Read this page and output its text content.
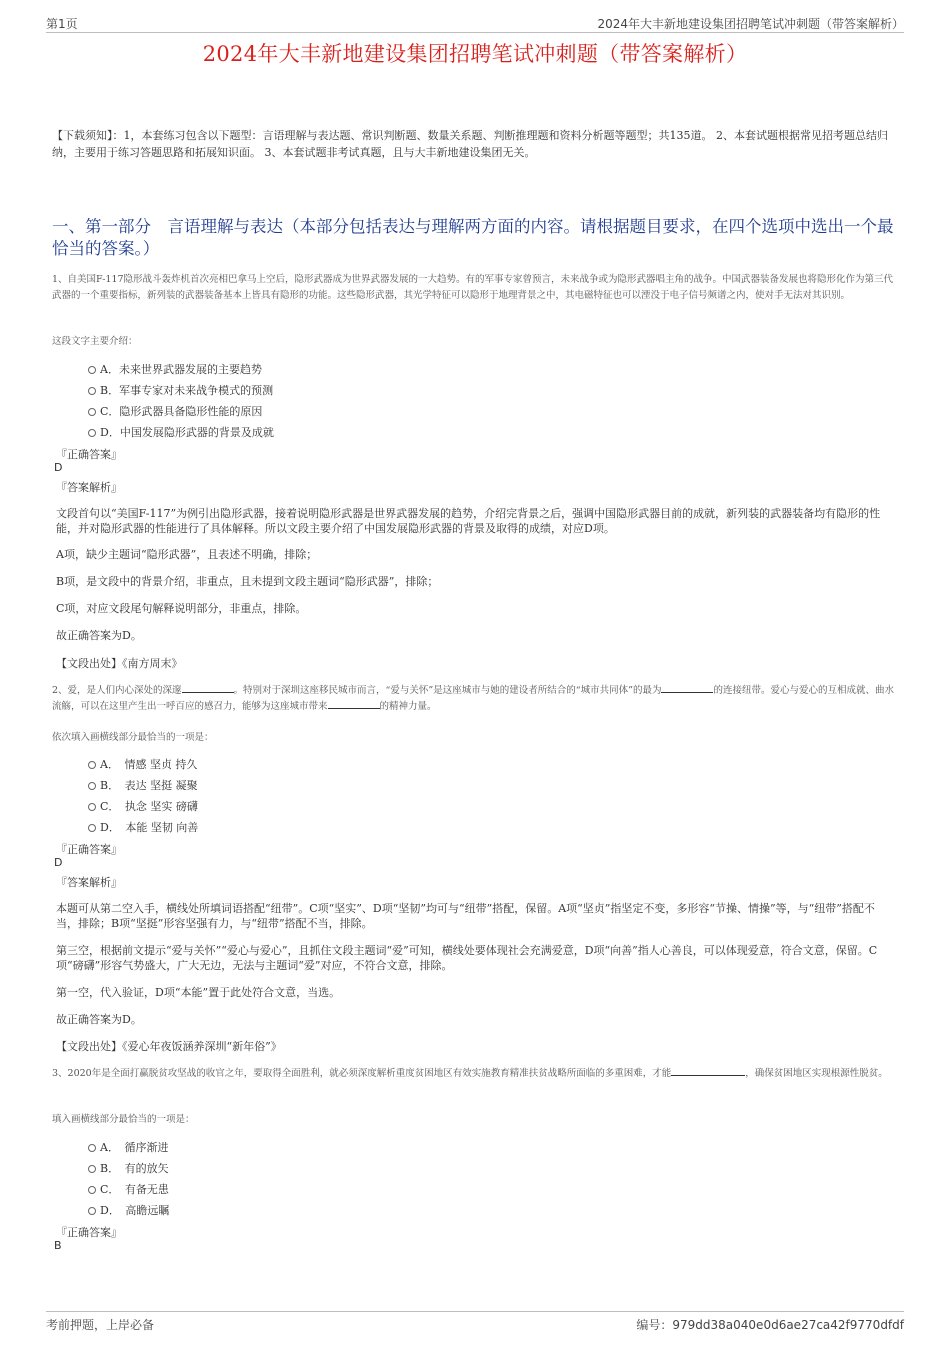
第1页	2024年大丰新地建设集团招聘笔试冲刺题（带答案解析）
2024年大丰新地建设集团招聘笔试冲刺题（带答案解析）
【下载须知】：1，本套练习包含以下题型：言语理解与表达题、常识判断题、数量关系题、判断推理题和资料分析题等题型；共135道。 2、本套试题根据常见招考题总结归纳，主要用于练习答题思路和拓展知识面。 3、本套试题非考试真题，且与大丰新地建设集团无关。
一、第一部分　言语理解与表达（本部分包括表达与理解两方面的内容。请根据题目要求，在四个选项中选出一个最恰当的答案。）
1、自美国F-117隐形战斗轰炸机首次亮相巴拿马上空后，隐形武器成为世界武器发展的一大趋势。有的军事专家曾预言，未来战争或为隐形武器唱主角的战争。中国武器装备发展也将隐形化作为第三代武器的一个重要指标，新列装的武器装备基本上皆具有隐形的功能。这些隐形武器，其光学特征可以隐形于地理背景之中，其电磁特征也可以湮没于电子信号频谱之内，使对手无法对其识别。
这段文字主要介绍：
A．未来世界武器发展的主要趋势
B．军事专家对未来战争模式的预测
C．隐形武器具备隐形性能的原因
D．中国发展隐形武器的背景及成就
『正确答案』
D
『答案解析』
文段首句以“美国F-117”为例引出隐形武器，接着说明隐形武器是世界武器发展的趋势，介绍完背景之后，强调中国隐形武器目前的成就，新列装的武器装备均有隐形的性能，并对隐形武器的性能进行了具体解释。所以文段主要介绍了中国发展隐形武器的背景及取得的成绩，对应D项。
A项，缺少主题词“隐形武器”，且表述不明确，排除；
B项，是文段中的背景介绍，非重点，且未提到文段主题词“隐形武器”，排除；
C项，对应文段尾句解释说明部分，非重点，排除。
故正确答案为D。
【文段出处】《南方周末》
2、爱，是人们内心深处的深邃	。特别对于深圳这座移民城市而言，“爱与关怀”是这座城市与她的建设者所结合的“城市共同体”的最为	的连接纽带。爱心与爱心的互相成就、曲水流觞，可以在这里产生出一呼百应的感召力，能够为这座城市带来	的精神力量。
依次填入画横线部分最恰当的一项是：
A．　情感 坚贞 持久
B．　表达 坚挺 凝聚
C．　执念 坚实 磅礴
D．　本能 坚韧 向善
『正确答案』
D
『答案解析』
本题可从第二空入手，横线处所填词语搭配“纽带”。C项“坚实”、D项“坚韧”均可与“纽带”搭配，保留。A项“坚贞”指坚定不变，多形容“节操、情操”等，与“纽带”搭配不当，排除；B项“坚挺”形容坚强有力，与“纽带”搭配不当，排除。
第三空，根据前文提示“爱与关怀”“爱心与爱心”，且抓住文段主题词“爱”可知，横线处要体现社会充满爱意，D项“向善”指人心善良，可以体现爱意，符合文意，保留。C项“磅礴”形容气势盛大，广大无边，无法与主题词“爱”对应，不符合文意，排除。
第一空，代入验证，D项“本能”置于此处符合文意，当选。
故正确答案为D。
【文段出处】《爱心年夜饭涵养深圳“新年俗”》
3、2020年是全面打赢脱贫攻坚战的收官之年，要取得全面胜利，就必须深度解析重度贫困地区有效实施教育精准扶贫战略所面临的多重困难，才能	，确保贫困地区实现根源性脱贫。
填入画横线部分最恰当的一项是：
A．　循序渐进
B．　有的放矢
C．　有备无患
D．　高瞻远瞩
『正确答案』
B
考前押题，上岸必备	编号：979dd38a040e0d6ae27ca42f9770dfdf
